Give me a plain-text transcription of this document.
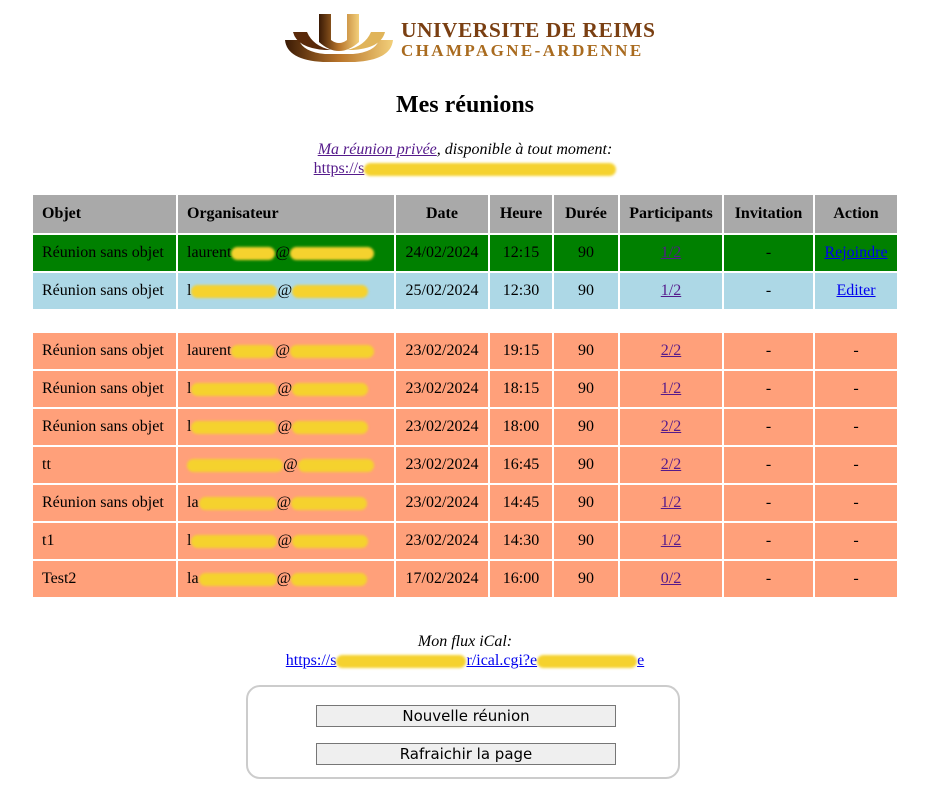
UNIVERSITE DE REIMS
CHAMPAGNE-ARDENNE
Mes réunions
Ma réunion privée, disponible à tout moment:
https://s
Objet	Organisateur	Date	Heure	Durée	Participants	Invitation	Action
Réunion sans objet	laurent @	24/02/2024	12:15	90	1/2	-	Rejoindre
Réunion sans objet	l @	25/02/2024	12:30	90	1/2	-	Editer

Réunion sans objet	laurent @	23/02/2024	19:15	90	2/2	-	-
Réunion sans objet	l @	23/02/2024	18:15	90	1/2	-	-
Réunion sans objet	l @	23/02/2024	18:00	90	2/2	-	-
tt	@	23/02/2024	16:45	90	2/2	-	-
Réunion sans objet	la @	23/02/2024	14:45	90	1/2	-	-
t1	l @	23/02/2024	14:30	90	1/2	-	-
Test2	la @	17/02/2024	16:00	90	0/2	-	-
Mon flux iCal:
https://s	r/ical.cgi?e	e
Nouvelle réunion
Rafraichir la page
